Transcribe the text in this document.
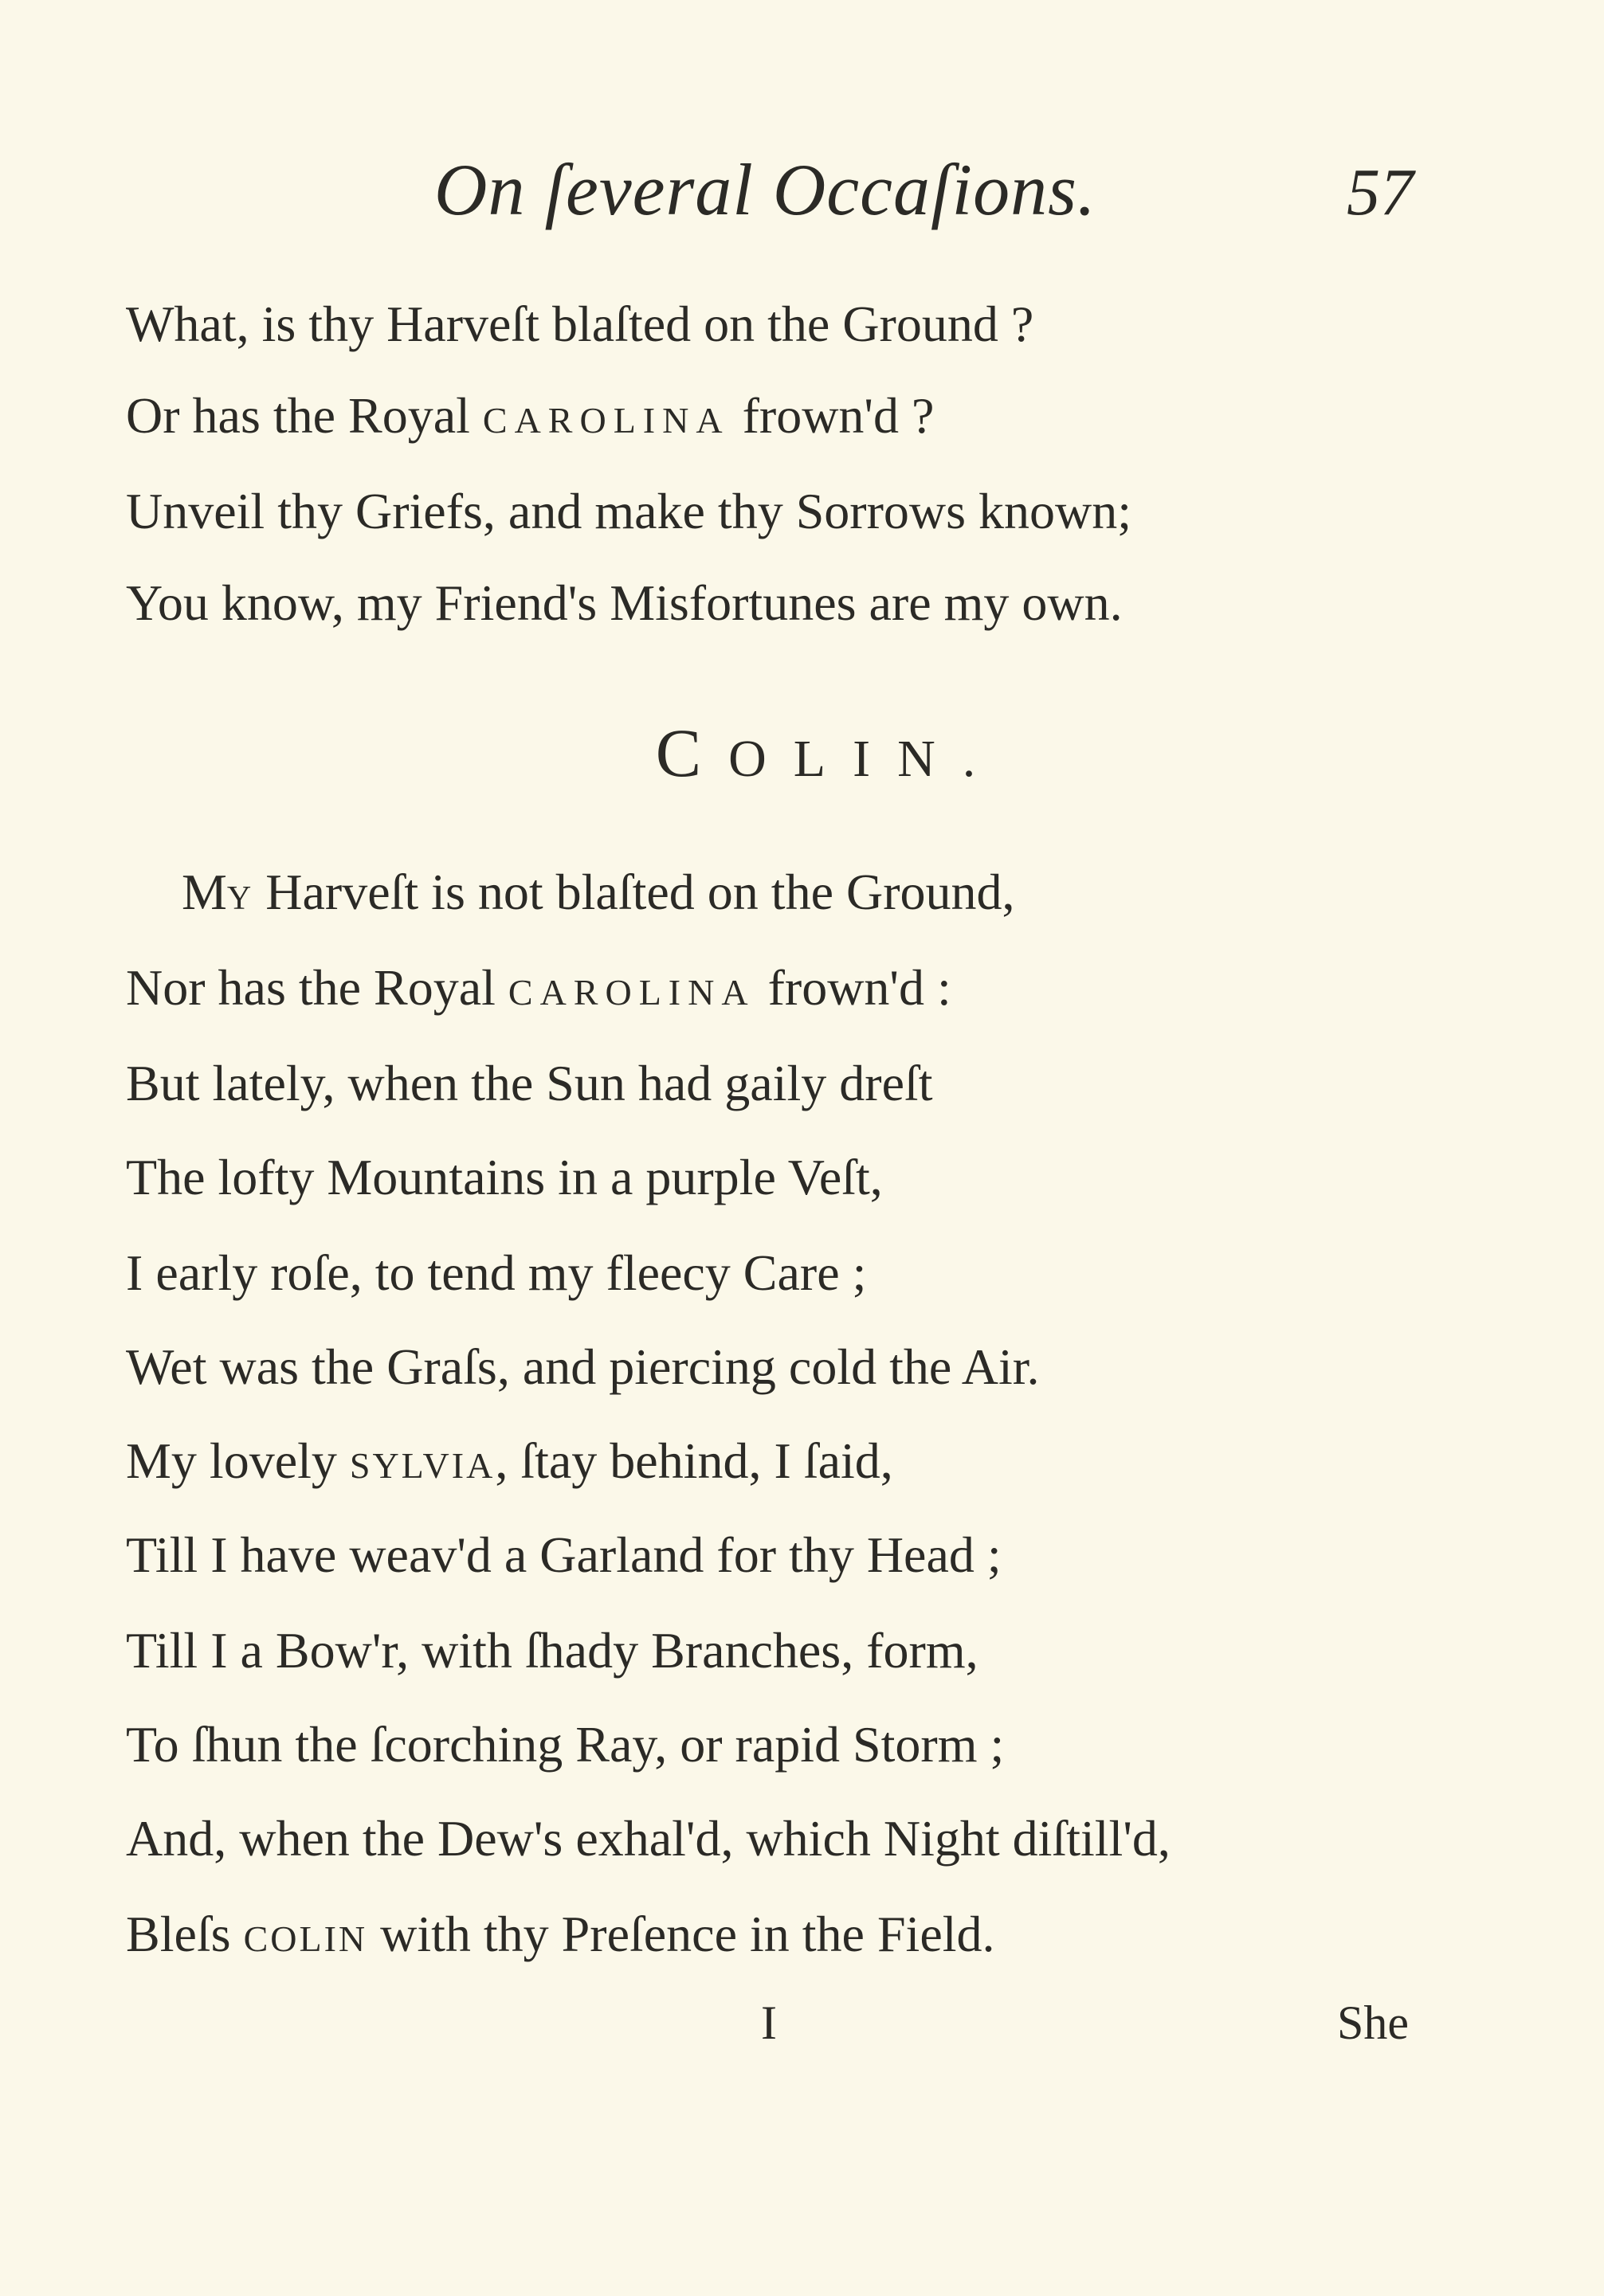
On ſeveral Occaſions.	57
What, is thy Harveſt blaſted on the Ground ?
Or has the Royal CAROLINA frown'd ?
Unveil thy Griefs, and make thy Sorrows known;
You know, my Friend's Misfortunes are my own.
COLIN.
MY Harveſt is not blaſted on the Ground,
Nor has the Royal CAROLINA frown'd :
But lately, when the Sun had gaily dreſt
The lofty Mountains in a purple Veſt,
I early roſe, to tend my fleecy Care ;
Wet was the Graſs, and piercing cold the Air.
My lovely SYLVIA, ſtay behind, I ſaid,
Till I have weav'd a Garland for thy Head ;
Till I a Bow'r, with ſhady Branches, form,
To ſhun the ſcorching Ray, or rapid Storm ;
And, when the Dew's exhal'd, which Night diſtill'd,
Bleſs COLIN with thy Preſence in the Field.
I	She
